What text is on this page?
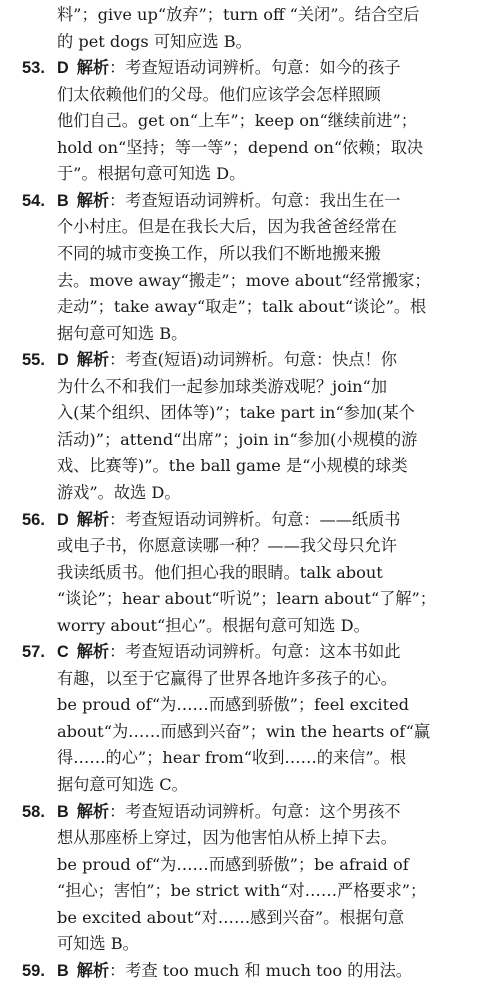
料”；give up“放弃”；turn off “关闭”。结合空后
的 pet dogs 可知应选 B。
53. D 解析：考查短语动词辨析。句意：如今的孩子
们太依赖他们的父母。他们应该学会怎样照顾
他们自己。get on“上车”；keep on“继续前进”；
hold on“坚持；等一等”；depend on“依赖；取决
于”。根据句意可知选 D。
54. B 解析：考查短语动词辨析。句意：我出生在一
个小村庄。但是在我长大后，因为我爸爸经常在
不同的城市变换工作，所以我们不断地搬来搬
去。move away“搬走”；move about“经常搬家；
走动”；take away“取走”；talk about“谈论”。根
据句意可知选 B。
55. D 解析：考查(短语)动词辨析。句意：快点！你
为什么不和我们一起参加球类游戏呢？join“加
入(某个组织、团体等)”；take part in“参加(某个
活动)”；attend“出席”；join in“参加(小规模的游
戏、比赛等)”。the ball game 是“小规模的球类
游戏”。故选 D。
56. D 解析：考查短语动词辨析。句意：——纸质书
或电子书，你愿意读哪一种？——我父母只允许
我读纸质书。他们担心我的眼睛。talk about
“谈论”；hear about“听说”；learn about“了解”；
worry about“担心”。根据句意可知选 D。
57. C 解析：考查短语动词辨析。句意：这本书如此
有趣，以至于它赢得了世界各地许多孩子的心。
be proud of“为……而感到骄傲”；feel excited
about“为……而感到兴奋”；win the hearts of“赢
得……的心”；hear from“收到……的来信”。根
据句意可知选 C。
58. B 解析：考查短语动词辨析。句意：这个男孩不
想从那座桥上穿过，因为他害怕从桥上掉下去。
be proud of“为……而感到骄傲”；be afraid of
“担心；害怕”；be strict with“对……严格要求”；
be excited about“对……感到兴奋”。根据句意
可知选 B。
59. B 解析：考查 too much 和 much too 的用法。
